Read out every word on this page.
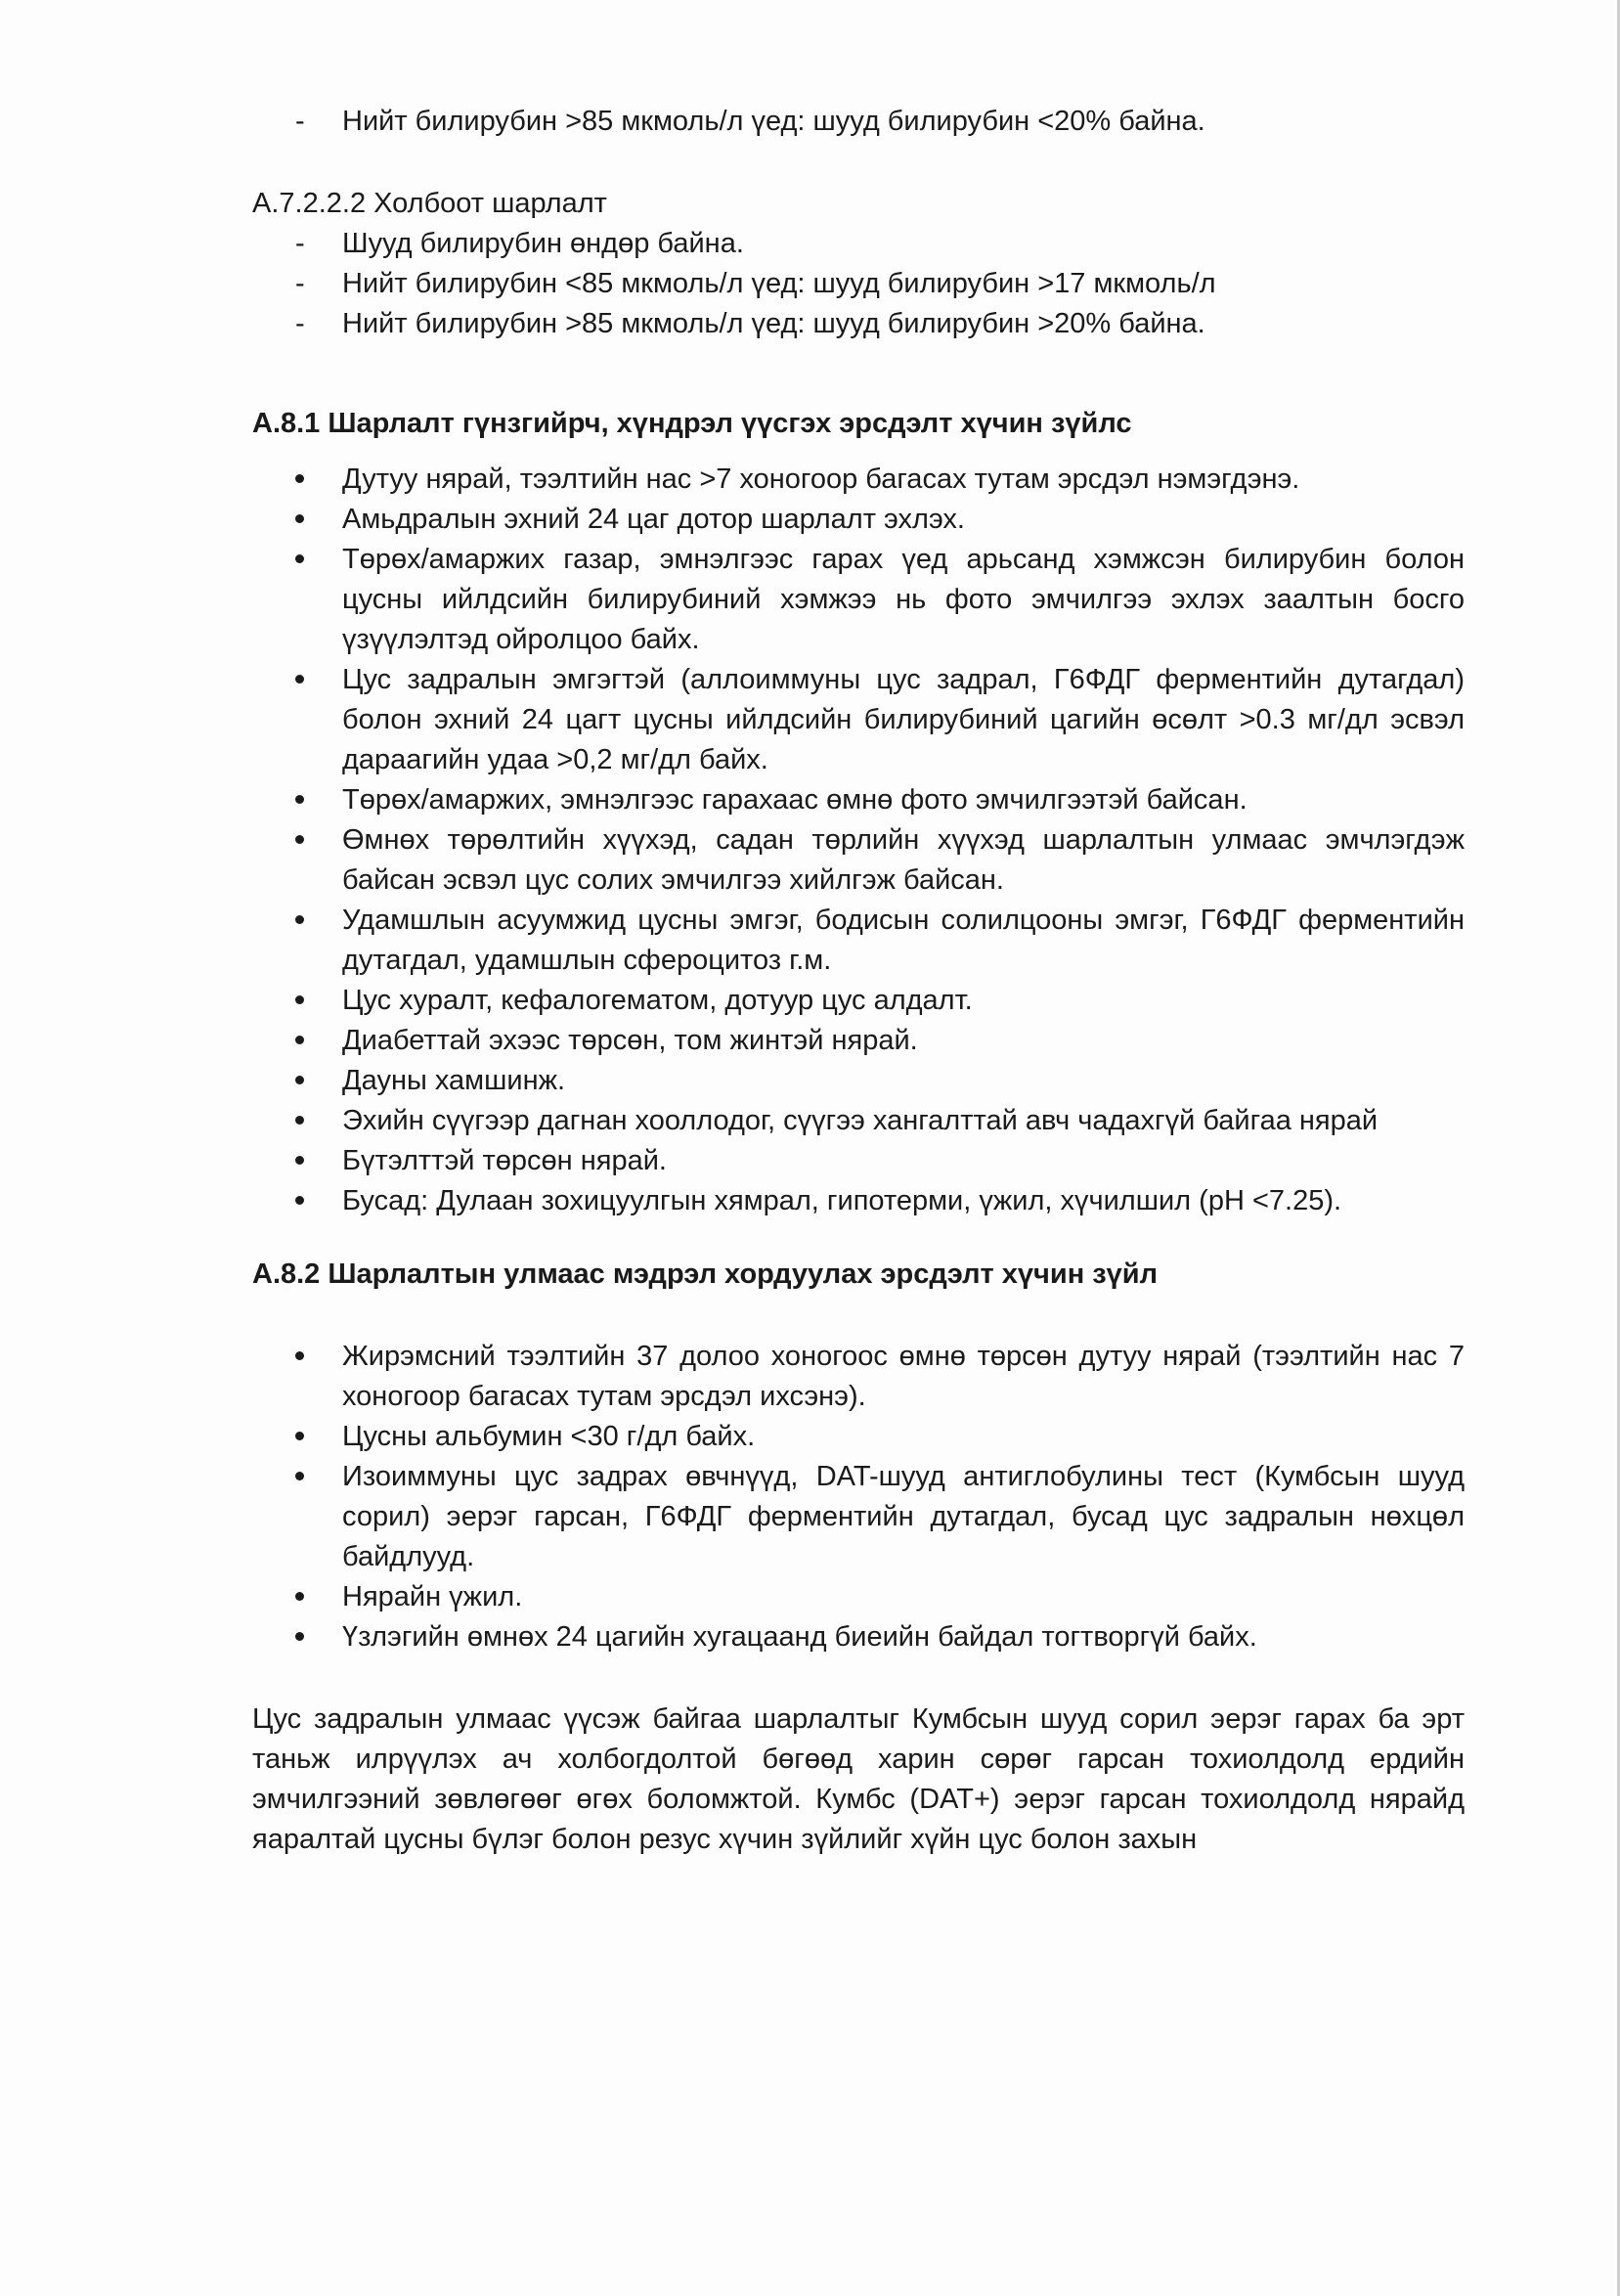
- Нийт билирубин >85 мкмоль/л үед: шууд билирубин <20% байна.

А.7.2.2.2 Холбоот шарлалт

- Шууд билирубин өндөр байна.
- Нийт билирубин <85 мкмоль/л үед: шууд билирубин >17 мкмоль/л
- Нийт билирубин >85 мкмоль/л үед: шууд билирубин >20% байна.

А.8.1 Шарлалт гүнзгийрч, хүндрэл үүсгэх эрсдэлт хүчин зүйлс

Дутуу нярай, тээлтийн нас >7 хоногоор багасах тутам эрсдэл нэмэгдэнэ.
Амьдралын эхний 24 цаг дотор шарлалт эхлэх.
Төрөх/амаржих газар, эмнэлгээс гарах үед арьсанд хэмжсэн билирубин болон цусны ийлдсийн билирубиний хэмжээ нь фото эмчилгээ эхлэх заалтын босго үзүүлэлтэд ойролцоо байх.
Цус задралын эмгэгтэй (аллоиммуны цус задрал, Г6ФДГ ферментийн дутагдал) болон эхний 24 цагт цусны ийлдсийн билирубиний цагийн өсөлт >0.3 мг/дл эсвэл дараагийн удаа >0,2 мг/дл байх.
Төрөх/амаржих, эмнэлгээс гарахаас өмнө фото эмчилгээтэй байсан.
Өмнөх төрөлтийн хүүхэд, садан төрлийн хүүхэд шарлалтын улмаас эмчлэгдэж байсан эсвэл цус солих эмчилгээ хийлгэж байсан.
Удамшлын асуумжид цусны эмгэг, бодисын солилцооны эмгэг, Г6ФДГ ферментийн дутагдал, удамшлын сфероцитоз г.м.
Цус хуралт, кефалогематом, дотуур цус алдалт.
Диабеттай эхээс төрсөн, том жинтэй нярай.
Дауны хамшинж.
Эхийн сүүгээр дагнан хооллодог, сүүгээ хангалттай авч чадахгүй байгаа нярай
Бүтэлттэй төрсөн нярай.
Бусад: Дулаан зохицуулгын хямрал, гипотерми, үжил, хүчилшил (pH <7.25).

А.8.2 Шарлалтын улмаас мэдрэл хордуулах эрсдэлт хүчин зүйл

Жирэмсний тээлтийн 37 долоо хоногоос өмнө төрсөн дутуу нярай (тээлтийн нас 7 хоногоор багасах тутам эрсдэл ихсэнэ).
Цусны альбумин <30 г/дл байх.
Изоиммуны цус задрах өвчнүүд, DAT-шууд антиглобулины тест (Кумбсын шууд сорил) эерэг гарсан, Г6ФДГ ферментийн дутагдал, бусад цус задралын нөхцөл байдлууд.
Нярайн үжил.
Үзлэгийн өмнөх 24 цагийн хугацаанд биеийн байдал тогтворгүй байх.

Цус задралын улмаас үүсэж байгаа шарлалтыг Кумбсын шууд сорил эерэг гарах ба эрт таньж илрүүлэх ач холбогдолтой бөгөөд харин сөрөг гарсан тохиолдолд ердийн эмчилгээний зөвлөгөөг өгөх боломжтой. Кумбс (DAT+) эерэг гарсан тохиолдолд нярайд яаралтай цусны бүлэг болон резус хүчин зүйлийг хүйн цус болон захын
